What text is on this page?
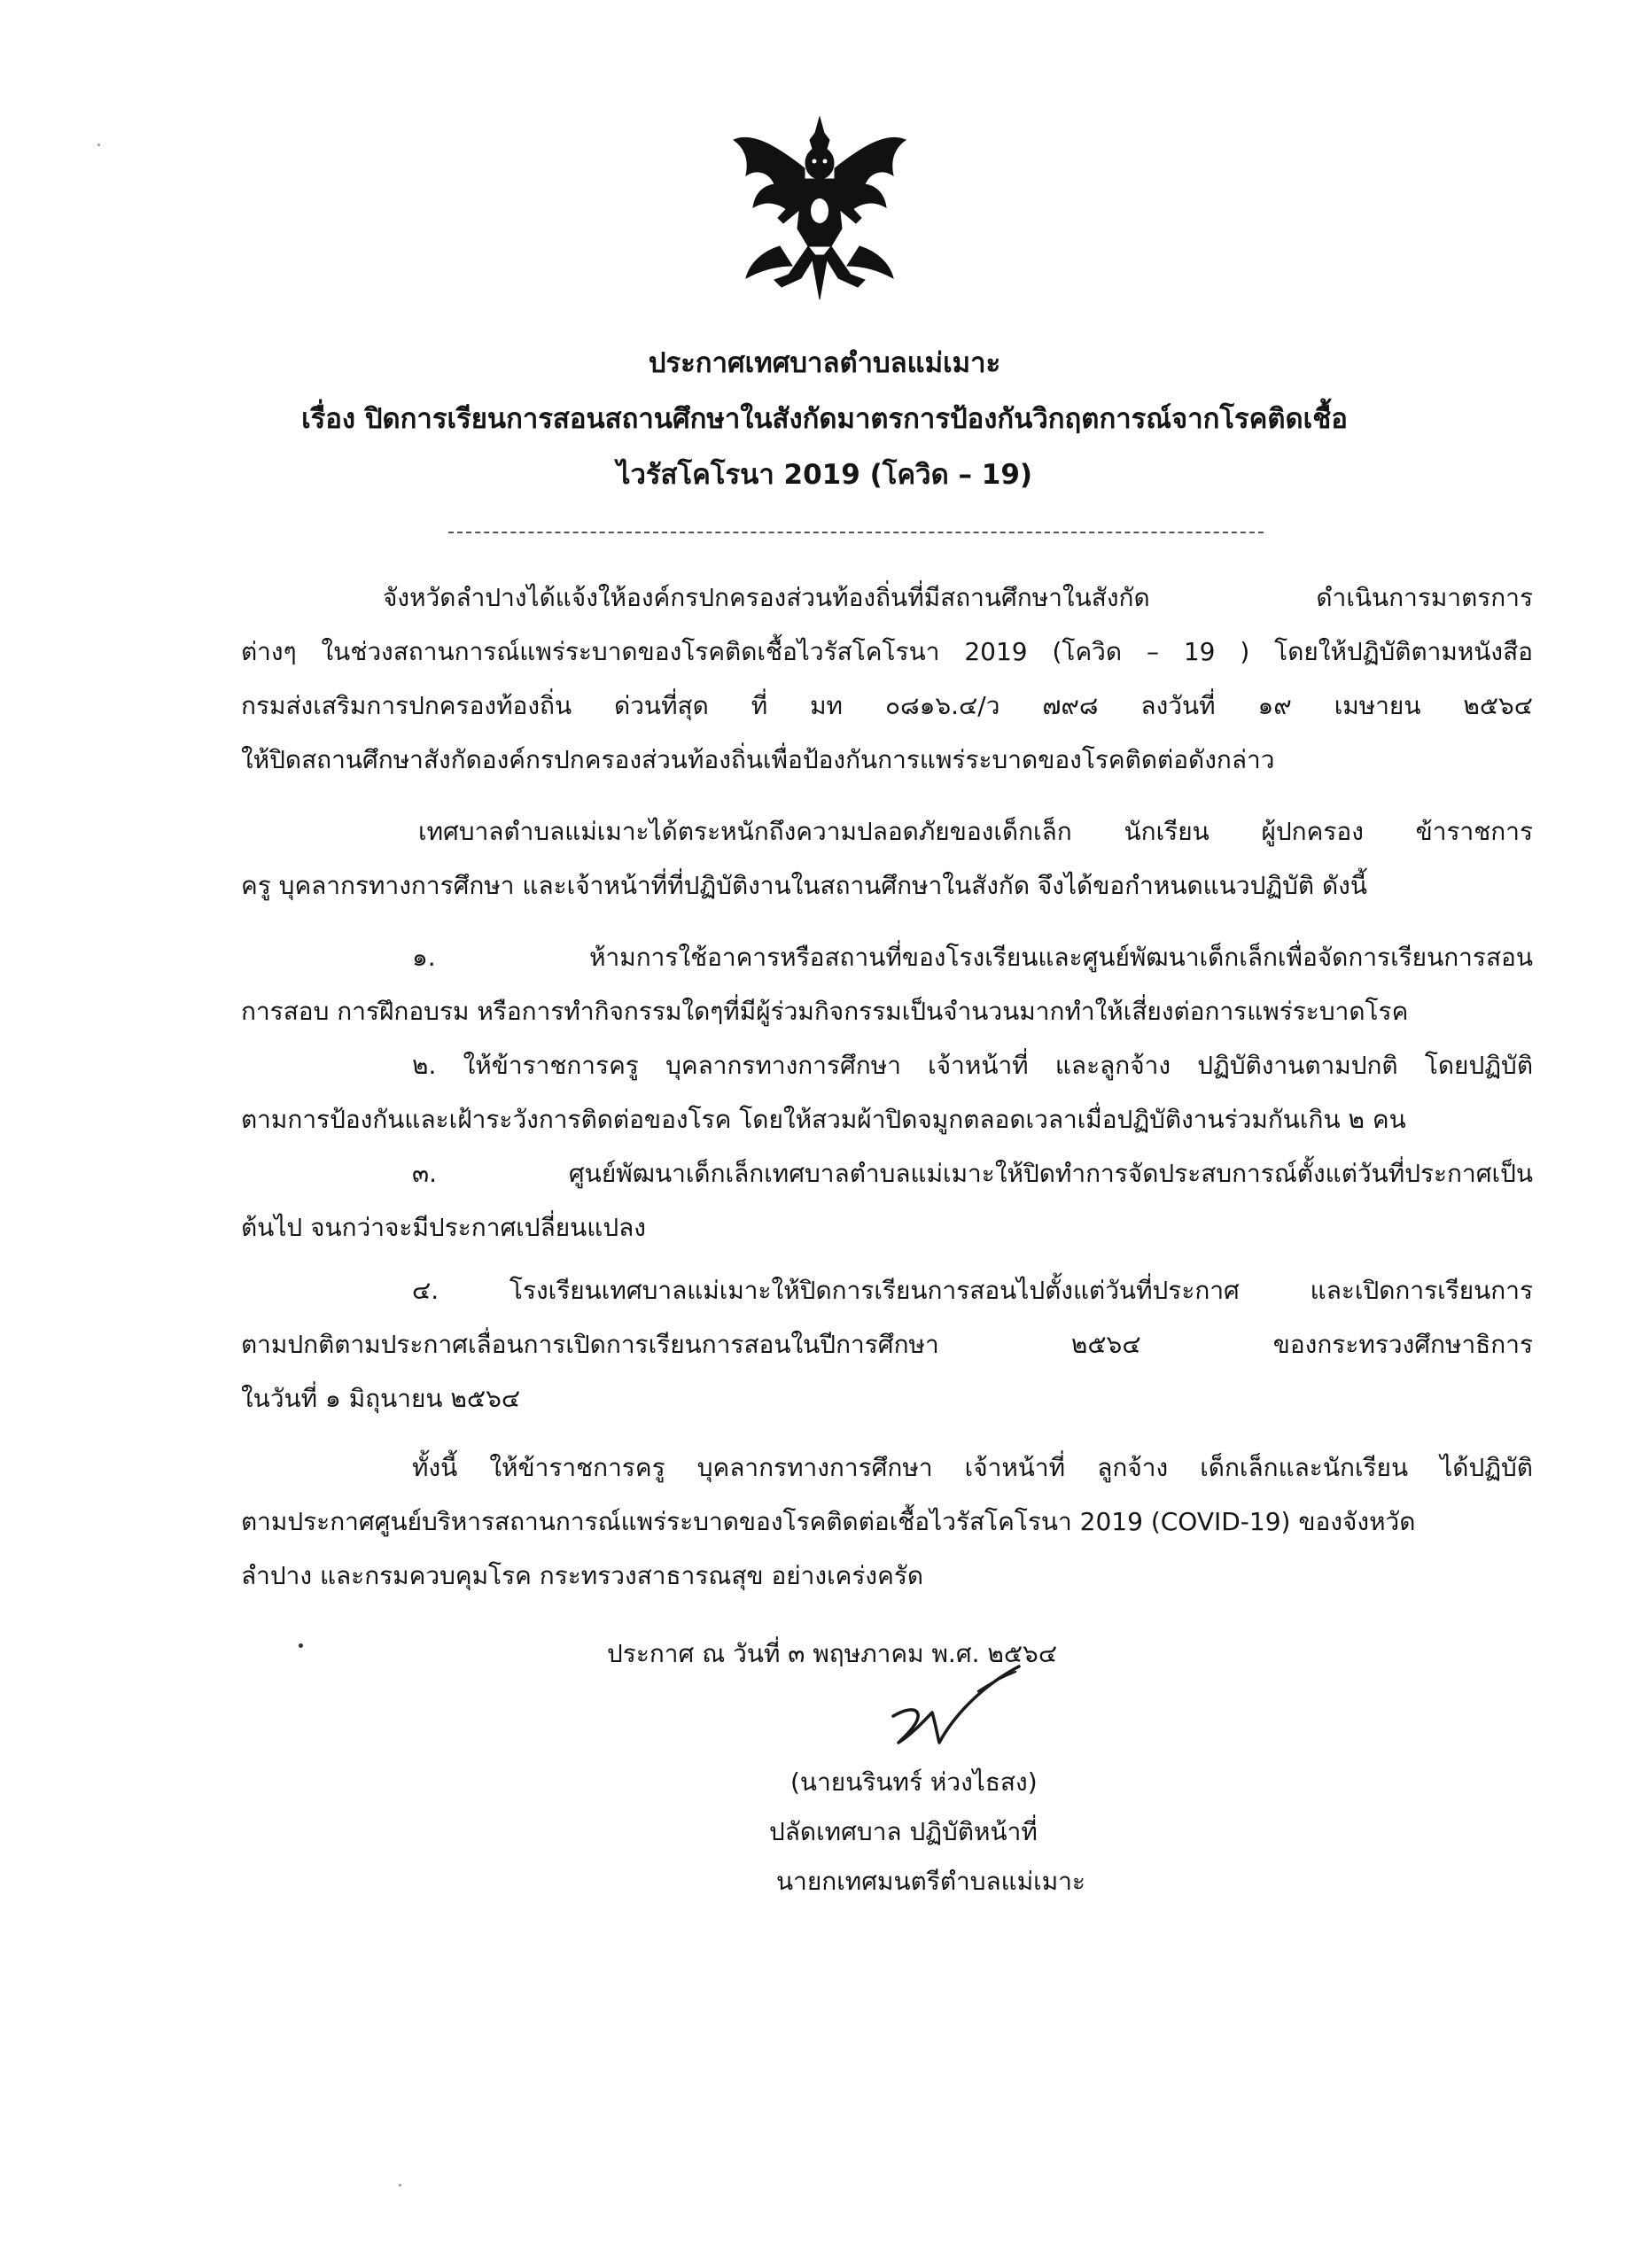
ประกาศเทศบาลตำบลแม่เมาะ
เรื่อง ปิดการเรียนการสอนสถานศึกษาในสังกัดมาตรการป้องกันวิกฤตการณ์จากโรคติดเชื้อ
ไวรัสโคโรนา 2019 (โควิด – 19)
จังหวัดลำปางได้แจ้งให้องค์กรปกครองส่วนท้องถิ่นที่มีสถานศึกษาในสังกัด ดำเนินการมาตรการ
ต่างๆ ในช่วงสถานการณ์แพร่ระบาดของโรคติดเชื้อไวรัสโคโรนา 2019 (โควิด – 19 ) โดยให้ปฏิบัติตามหนังสือ
กรมส่งเสริมการปกครองท้องถิ่น ด่วนที่สุด ที่ มท ๐๘๑๖.๔/ว ๗๙๘ ลงวันที่ ๑๙ เมษายน ๒๕๖๔
ให้ปิดสถานศึกษาสังกัดองค์กรปกครองส่วนท้องถิ่นเพื่อป้องกันการแพร่ระบาดของโรคติดต่อดังกล่าว
เทศบาลตำบลแม่เมาะได้ตระหนักถึงความปลอดภัยของเด็กเล็ก นักเรียน ผู้ปกครอง ข้าราชการ
ครู บุคลากรทางการศึกษา และเจ้าหน้าที่ที่ปฏิบัติงานในสถานศึกษาในสังกัด จึงได้ขอกำหนดแนวปฏิบัติ ดังนี้
๑. ห้ามการใช้อาคารหรือสถานที่ของโรงเรียนและศูนย์พัฒนาเด็กเล็กเพื่อจัดการเรียนการสอน
การสอบ การฝึกอบรม หรือการทำกิจกรรมใดๆที่มีผู้ร่วมกิจกรรมเป็นจำนวนมากทำให้เสี่ยงต่อการแพร่ระบาดโรค
๒. ให้ข้าราชการครู บุคลากรทางการศึกษา เจ้าหน้าที่ และลูกจ้าง ปฏิบัติงานตามปกติ โดยปฏิบัติ
ตามการป้องกันและเฝ้าระวังการติดต่อของโรค โดยให้สวมผ้าปิดจมูกตลอดเวลาเมื่อปฏิบัติงานร่วมกันเกิน ๒ คน
๓. ศูนย์พัฒนาเด็กเล็กเทศบาลตำบลแม่เมาะให้ปิดทำการจัดประสบการณ์ตั้งแต่วันที่ประกาศเป็น
ต้นไป จนกว่าจะมีประกาศเปลี่ยนแปลง
๔. โรงเรียนเทศบาลแม่เมาะให้ปิดการเรียนการสอนไปตั้งแต่วันที่ประกาศ และเปิดการเรียนการ
ตามปกติตามประกาศเลื่อนการเปิดการเรียนการสอนในปีการศึกษา ๒๕๖๔ ของกระทรวงศึกษาธิการ
ในวันที่ ๑ มิถุนายน ๒๕๖๔
ทั้งนี้ ให้ข้าราชการครู บุคลากรทางการศึกษา เจ้าหน้าที่ ลูกจ้าง เด็กเล็กและนักเรียน ได้ปฏิบัติ
ตามประกาศศูนย์บริหารสถานการณ์แพร่ระบาดของโรคติดต่อเชื้อไวรัสโคโรนา 2019 (COVID-19) ของจังหวัด
ลำปาง และกรมควบคุมโรค กระทรวงสาธารณสุข อย่างเคร่งครัด
ประกาศ ณ วันที่ ๓ พฤษภาคม พ.ศ. ๒๕๖๔
(นายนรินทร์ ห่วงไธสง)
ปลัดเทศบาล ปฏิบัติหน้าที่
นายกเทศมนตรีตำบลแม่เมาะ
